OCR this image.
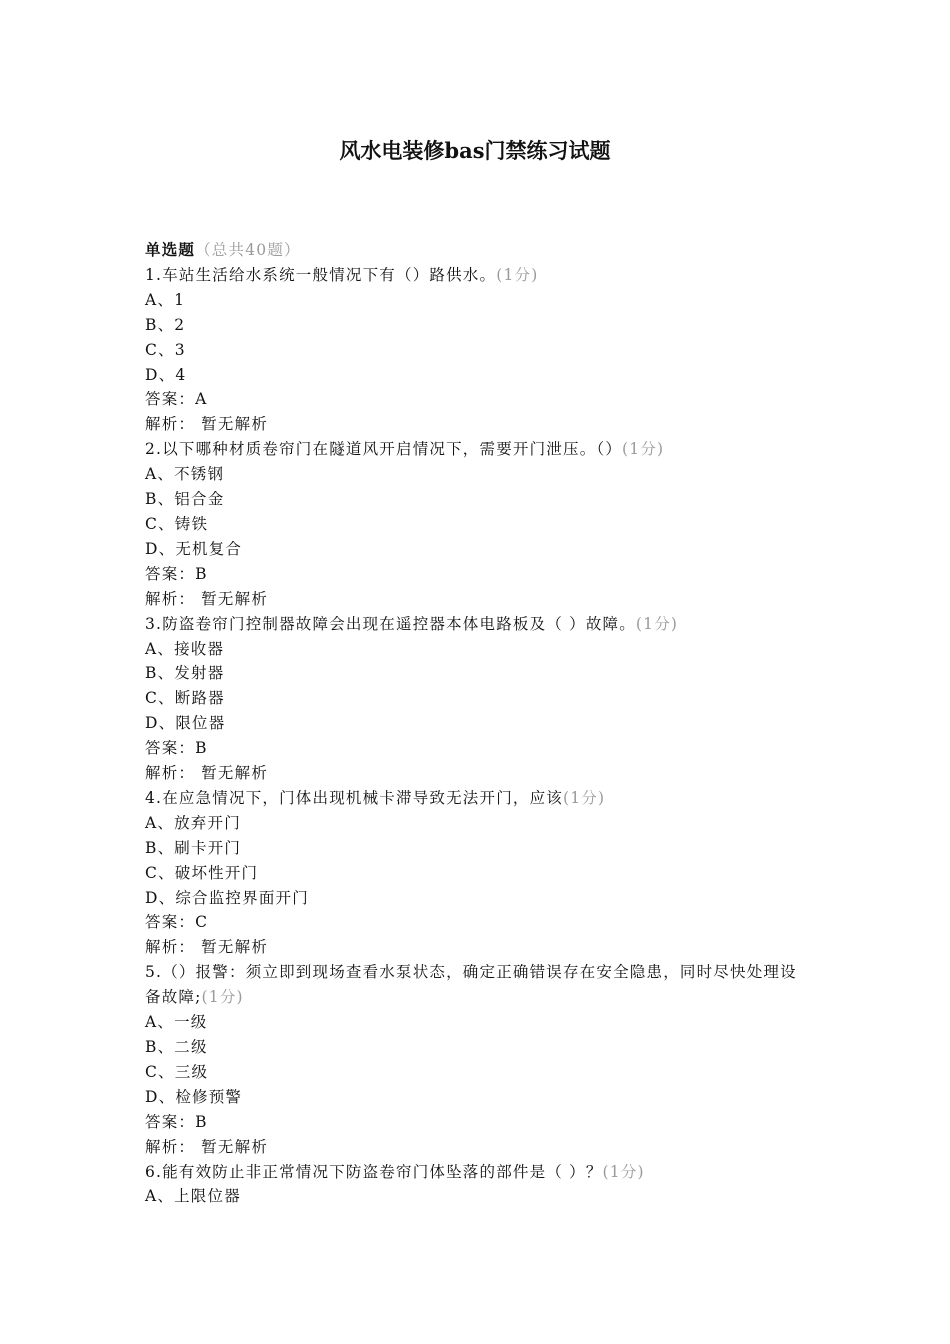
风水电装修bas门禁练习试题
单选题（总共40题）
1.车站生活给水系统一般情况下有（）路供水。(1分)
A、1
B、2
C、3
D、4
答案：A
解析： 暂无解析
2.以下哪种材质卷帘门在隧道风开启情况下，需要开门泄压。（）(1分)
A、不锈钢
B、铝合金
C、铸铁
D、无机复合
答案：B
解析： 暂无解析
3.防盗卷帘门控制器故障会出现在遥控器本体电路板及（ ）故障。(1分)
A、接收器
B、发射器
C、断路器
D、限位器
答案：B
解析： 暂无解析
4.在应急情况下，门体出现机械卡滞导致无法开门，应该(1分)
A、放弃开门
B、刷卡开门
C、破坏性开门
D、综合监控界面开门
答案：C
解析： 暂无解析
5.（）报警：须立即到现场查看水泵状态，确定正确错误存在安全隐患，同时尽快处理设备故障;(1分)
A、一级
B、二级
C、三级
D、检修预警
答案：B
解析： 暂无解析
6.能有效防止非正常情况下防盗卷帘门体坠落的部件是（ ）？(1分)
A、上限位器
